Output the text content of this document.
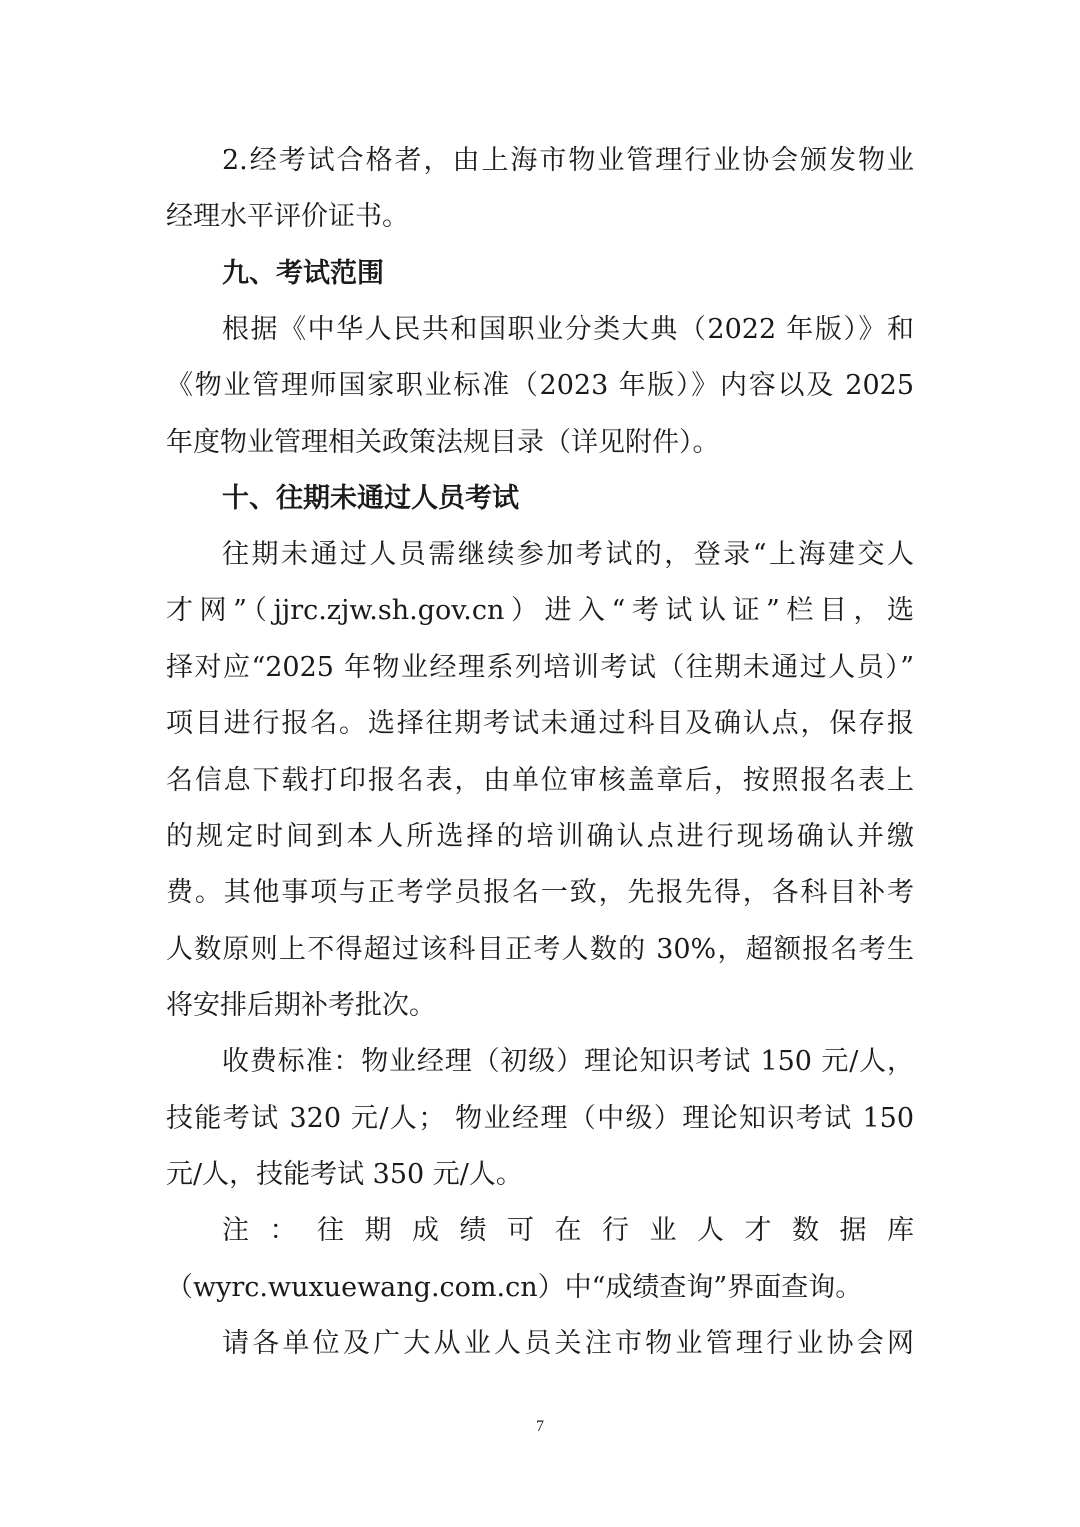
2.经考试合格者，由上海市物业管理行业协会颁发物业
经理水平评价证书。
九、考试范围
根据《中华人民共和国职业分类大典（2022 年版）》和
《物业管理师国家职业标准（2023 年版）》内容以及 2025
年度物业管理相关政策法规目录（详见附件）。
十、往期未通过人员考试
往期未通过人员需继续参加考试的，登录“上海建交人
才网”（jjrc.zjw.sh.gov.cn）进入“考试认证”栏目，选
择对应“2025 年物业经理系列培训考试（往期未通过人员）”
项目进行报名。选择往期考试未通过科目及确认点，保存报
名信息下载打印报名表，由单位审核盖章后，按照报名表上
的规定时间到本人所选择的培训确认点进行现场确认并缴
费。其他事项与正考学员报名一致，先报先得，各科目补考
人数原则上不得超过该科目正考人数的 30%，超额报名考生
将安排后期补考批次。
收费标准：物业经理（初级）理论知识考试 150 元/人，
技能考试 320 元/人； 物业经理（中级）理论知识考试 150
元/人，技能考试 350 元/人。
注：往期成绩可在行业人才数据库
（wyrc.wuxuewang.com.cn）中“成绩查询”界面查询。
请各单位及广大从业人员关注市物业管理行业协会网
7
